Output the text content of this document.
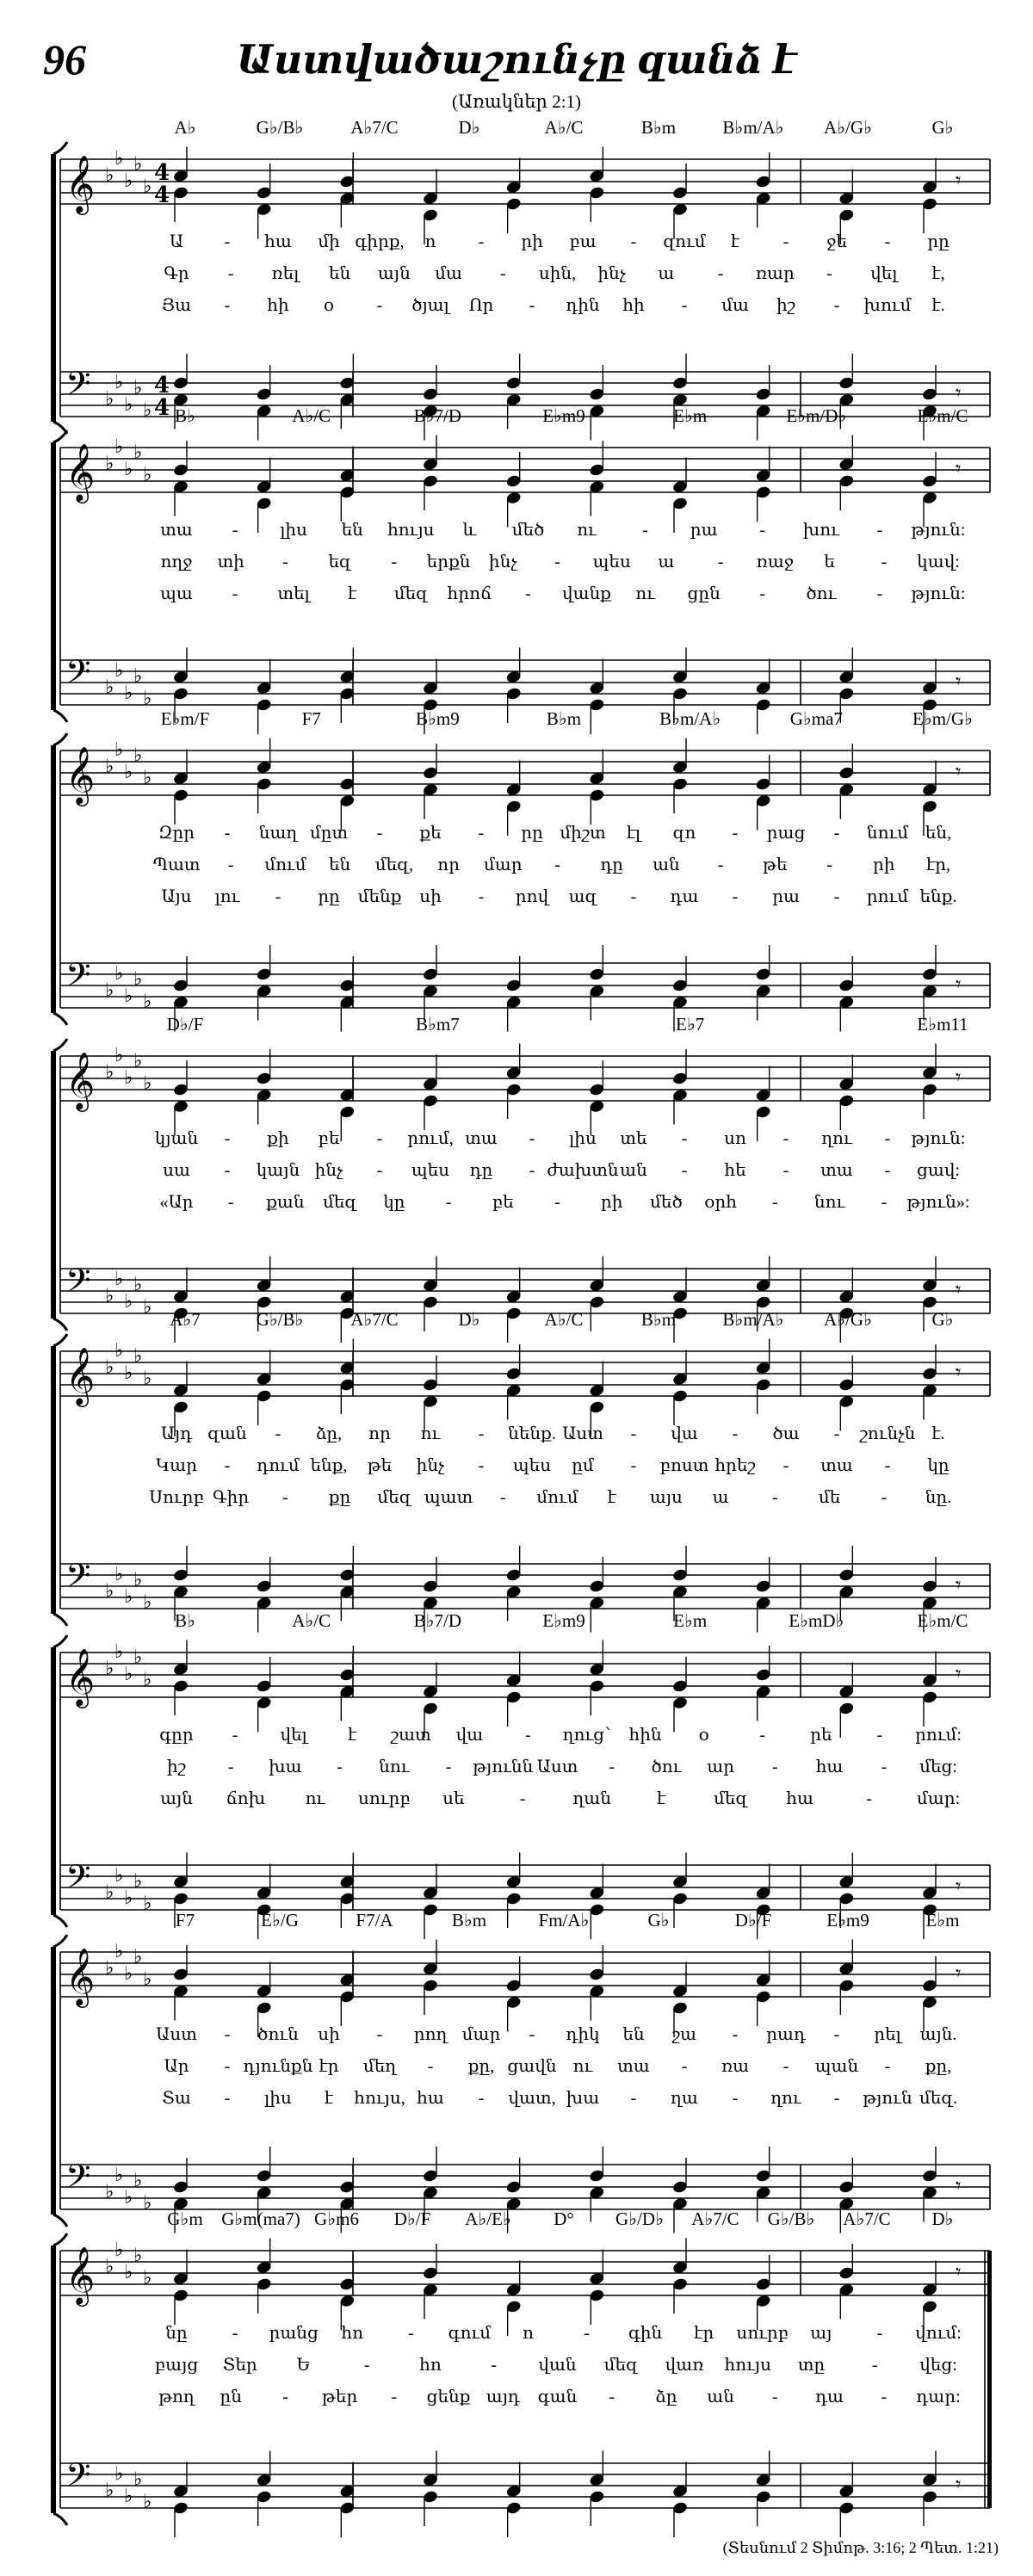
96	Աստվածաշունչը զանձ է
(Առակներ 2:1)
A♭	G♭/B♭	A♭7/C	D♭	A♭/C	B♭m	B♭m/A♭ A♭/G♭	G♭
𝄞
𝄢
♭
♭
♭
♭
♭
♭
♭
♭
♭
♭
4
4
4
4
𝄾
𝄾
Ա - հա մի գիրք, ո - րի բա - զում է	- ջե - րը
Գր - ռել են այն մա - սին, ինչ ա	- ռար - վել է,
Յա - հի օ - ծյալ Որ - դին հի - մա իշ - խում է.
B♭	A♭/C	B♭7/D	E♭m9	E♭m	E♭m/D♭	E♭m/C
𝄞
𝄢
♭
♭
♭
♭
♭
♭
♭
♭
♭
♭
𝄾
𝄾
տա - լիս են հույս և մեծ ու	- րա - խու - թյուն:
ողջ տի - եզ - երքն ինչ - պես ա	- ռաջ ե	- կավ:
պա - տել է մեզ հրոճ - վանք ու ցըն - ծու - թյուն:
E♭m/F	F7	B♭m9	B♭m	B♭m/A♭	G♭ma7	E♭m/G♭
𝄞
𝄢
♭
♭
♭
♭
♭
♭
♭
♭
♭
♭
𝄾
𝄾
Զըր - նաղ մըտ - քե - րը միշտ էլ զո - րաց - նում են,
Պատ - մում են մեզ, որ մար - դը ան - թե - րի էր,
Այս լու - րը մենք սի - րով ազ - դա - րա - րում ենք.
D♭/F	B♭m7	E♭7	E♭m11
𝄞
𝄢
♭
♭
♭
♭
♭
♭
♭
♭
♭
♭
𝄾
𝄾
կյան - քի բե - րում, տա - լիս տե - սո - ղու - թյուն:
սա - կայն ինչ - պես դը - ժախտն ան - հե - տա - ցավ:
«Ար - քան մեզ կը - բե - րի մեծ օրհ - նու - թյուն»:
A♭7	G♭/B♭	A♭7/C	D♭	A♭/C	B♭m	B♭m/A♭ A♭/G♭	G♭
𝄞
𝄢
♭
♭
♭
♭
♭
♭
♭
♭
♭
♭
𝄾
𝄾
Այդ զան - ձը, որ ու - նենք. Աստ - վա - ծա - շունչն է.
Կար - դում ենք, թե ինչ - պես ըմ - բոստ հրեշ - տա - կը
Սուրբ Գիր - քը մեզ պատ - մում է այս ա	- մե - նը.
B♭	A♭/C	B♭7/D	E♭m9	E♭m	E♭mD♭	E♭m/C
𝄞
𝄢
♭
♭
♭
♭
♭
♭
♭
♭
♭
♭
𝄾
𝄾
գըր - վել է շատ վա - ղուց՝ հին օ	-	րե	- րում:
իշ - խա - նու - թյունն Աստ - ծու ար - հա - մեց:
այն ճոխ ու սուրբ սե	-	ղան	է	մեզ հա	-	մար:
F7	E♭/G	F7/A	B♭m	Fm/A♭	G♭	D♭/F	E♭m9	E♭m
𝄞
𝄢
♭
♭
♭
♭
♭
♭
♭
♭
♭
♭
𝄾
𝄾
Աստ - ծուն սի - րող մար - դիկ են շա - րադ - րել այն.
Ար - դյունքն էր մեղ - քը, ցավն ու տա - ռա - պան - քը,
Տա - լիս է հույս, հա - վատ, խա - ղա - ղու - թյուն մեզ.
G♭m G♭m(ma7) G♭m6 D♭/F A♭/E♭ D° G♭/D♭ A♭7/C G♭/B♭ A♭7/C D♭
𝄞
𝄢
♭
♭
♭
♭
♭
♭
♭
♭
♭
♭
𝄾
𝄾
նը	- րանց հո	- գում ո	- գին էր սուրբ այ	- վում:
բայց Տեր Ե	-	հո	- վան մեզ վառ հույս տը	- վեց:
թող ըն - թեր - ցենք այդ գան - ձը ան - դա - դար:
(Տեսնում 2 Տիմոթ. 3:16; 2 Պետ. 1:21)
